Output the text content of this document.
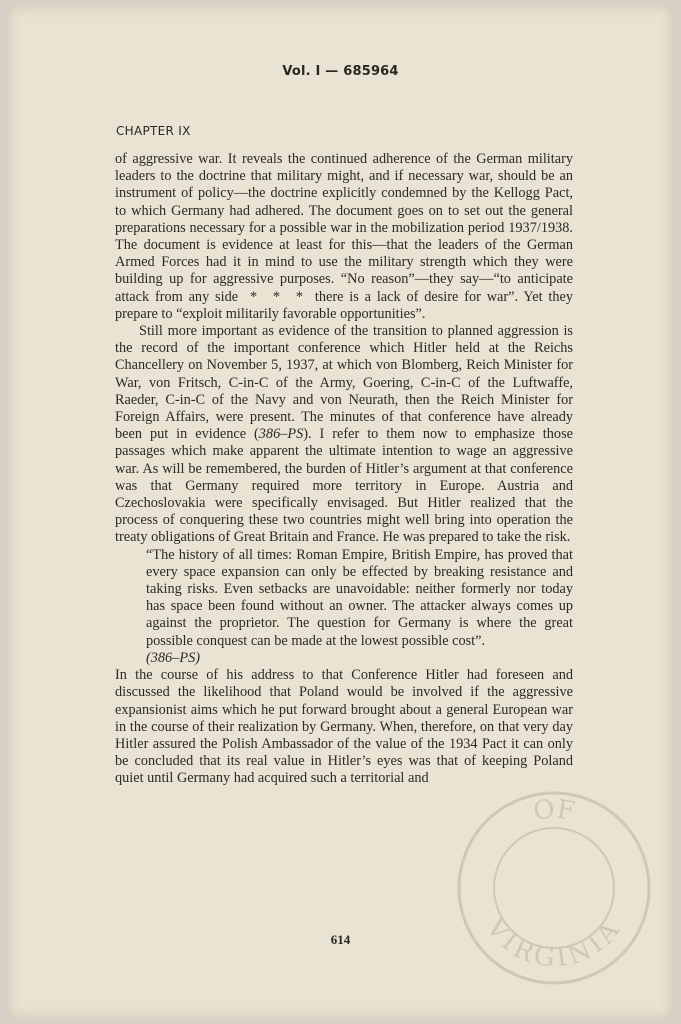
Vol. I — 685964
CHAPTER IX

of aggressive war. It reveals the continued adherence of the German military leaders to the doctrine that military might, and if necessary war, should be an instrument of policy—the doctrine explicitly condemned by the Kellogg Pact, to which Germany had adhered. The document goes on to set out the general preparations necessary for a possible war in the mobilization period 1937/1938. The document is evidence at least for this—that the leaders of the German Armed Forces had it in mind to use the military strength which they were building up for aggressive purposes. “No reason”—they say—“to anticipate attack from any side * * * there is a lack of desire for war”. Yet they prepare to “exploit militarily favorable opportunities”.

Still more important as evidence of the transition to planned aggression is the record of the important conference which Hitler held at the Reichs Chancellery on November 5, 1937, at which von Blomberg, Reich Minister for War, von Fritsch, C-in-C of the Army, Goering, C-in-C of the Luftwaffe, Raeder, C-in-C of the Navy and von Neurath, then the Reich Minister for Foreign Affairs, were present. The minutes of that conference have already been put in evidence (386–PS). I refer to them now to emphasize those passages which make apparent the ultimate intention to wage an aggressive war. As will be remembered, the burden of Hitler’s argument at that conference was that Germany required more territory in Europe. Austria and Czechoslovakia were specifically envisaged. But Hitler realized that the process of conquering these two countries might well bring into operation the treaty obligations of Great Britain and France. He was prepared to take the risk.

“The history of all times: Roman Empire, British Empire, has proved that every space expansion can only be effected by breaking resistance and taking risks. Even setbacks are unavoidable: neither formerly nor today has space been found without an owner. The attacker always comes up against the proprietor. The question for Germany is where the great possible conquest can be made at the lowest possible cost”.
(386–PS)

In the course of his address to that Conference Hitler had foreseen and discussed the likelihood that Poland would be involved if the aggressive expansionist aims which he put forward brought about a general European war in the course of their realization by Germany. When, therefore, on that very day Hitler assured the Polish Ambassador of the value of the 1934 Pact it can only be concluded that its real value in Hitler’s eyes was that of keeping Poland quiet until Germany had acquired such a territorial and

614
OF
VIRGINIA
